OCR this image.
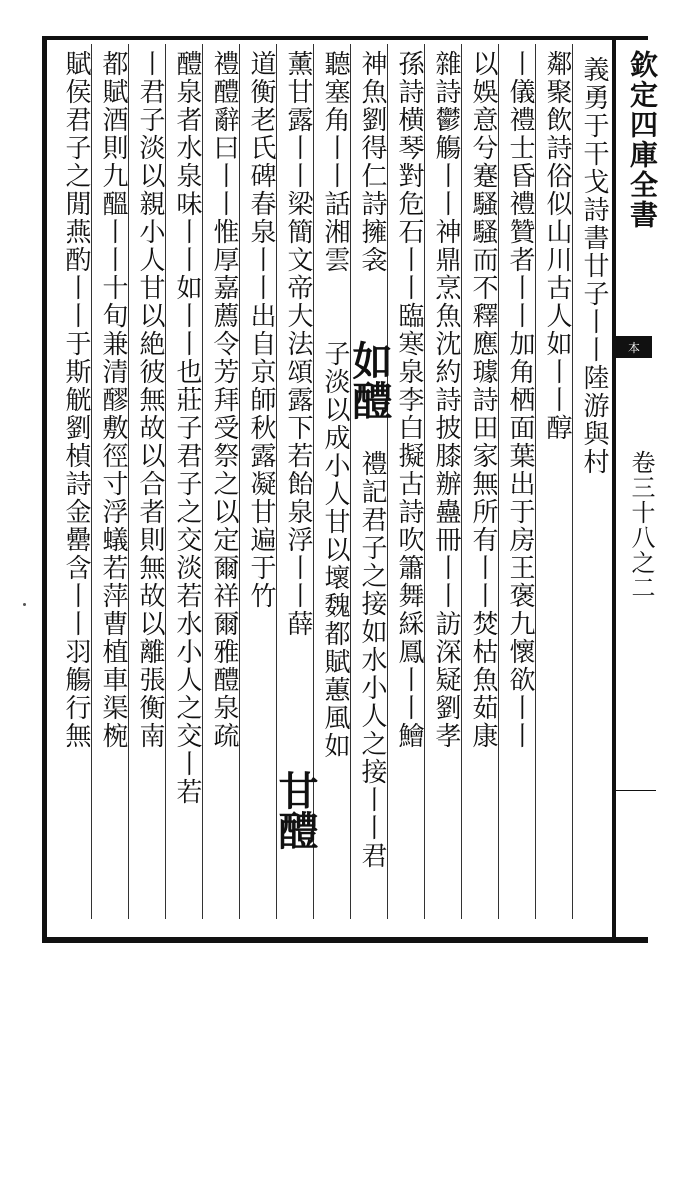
欽定四庫全書
本
卷三十八之二
義勇于干戈詩書廿子丨丨陸游與村
鄰聚飲詩俗似山川古人如丨丨醇
丨儀禮士昏禮贊者丨丨加角栖面葉出于房王褒九懷欲丨丨
以娛意兮蹇騷騷而不釋應璩詩田家無所有丨丨焚枯魚茹康
雜詩鬱觴丨丨神鼎烹魚沈約詩披膝辦蠱冊丨丨訪深疑劉孝
孫詩横琴對危石丨丨臨寒泉李白擬古詩吹簫舞綵鳳丨丨鱠
神魚劉得仁詩擁衾
如醴
禮記君子之接如水小人之接丨丨君
聽塞角丨丨話湘雲
子淡以成小人甘以壞魏都賦蕙風如
薰甘露丨丨梁簡文帝大法頌露下若飴泉浮丨丨薛
道衡老氏碑春泉丨丨出自京師秋露凝甘遍于竹
甘醴
禮醴辭曰丨丨惟厚嘉薦令芳拜受祭之以定爾祥爾雅醴泉疏
醴泉者水泉味丨丨如丨丨也莊子君子之交淡若水小人之交丨若
丨君子淡以親小人甘以絶彼無故以合者則無故以離張衡南
都賦酒則九醞丨丨十旬兼清醪敷徑寸浮蟻若萍曹植車渠椀
賦侯君子之閒燕酌丨丨于斯觥劉楨詩金罍含丨丨羽觴行無
